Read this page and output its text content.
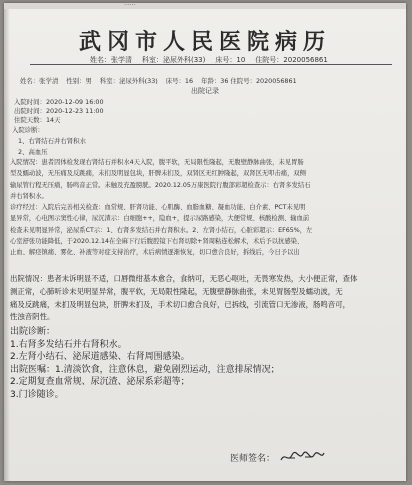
······
武冈市人民医院病历
姓名：张学清 科室：泌尿外科(33) 床号：10 住院号：2020056861
姓名：张学清 性别：男 科室：泌尿外科(33) 床号：16 年龄：36 住院号：2020056861
出院记录
入院时间：2020-12-09 16:00
出院时间：2020-12-23 11:00
住院天数：14天
入院诊断：
1、右肾结石并右肾积水
2、高血压

入院情况：患者因体检发现右肾结石并积水4天入院，腹平软，无局限性隆起，无腹壁静脉曲张，未见胃肠

型及蠕动波，无压痛及反跳痛，未扪及明显包块，肝脾未扪及，双肾区无红肿隆起，双肾区无叩击痛，双侧

输尿管行程无压痛，肠鸣音正常。未触及充盈膀胱。2020.12.05万康医院行腹部彩超检查示：右肾多发结石

并右肾积水。

诊疗经过：入院后完善相关检查：血常规、肝肾功能、心肌酶、血脂血糖、凝血功能、白介素、PCT未见明

显异常，心电图示窦性心律，尿沉渣示：白细胞++，隐血+，提示尿路感染，大便常规、核酸检测、输血前

检查未见明显异常，泌尿系CT示：1、右肾多发结石并右肾积水。2、左肾小结石，心脏彩超示：EF65%，左

心室舒张功能降低，于2020.12.14在全麻下行后腹腔镜下右肾切除+肾周粘连松解术，术后予以抗感染、

止血、解痉镇痛、雾化、补液等对症支持治疗，术后病情逐渐恢复，切口愈合良好，拆线后，今日予以出

出院情况：患者未诉明显不适，口唇微绀基本愈合，食纳可，无恶心呕吐，无畏寒发热，大小便正常，查体

测正常，心肺听诊未见明显异常，腹平软，无局限性隆起，无腹壁静脉曲张，未见胃肠型及蠕动波，无

痛及反跳痛，未扪及明显包块，肝脾未扪及，手术切口愈合良好，已拆线，引流管口无渗液，肠鸣音可，

性浊音阴性。

出院诊断：

1.右肾多发结石并右肾积水。

2.左肾小结石、泌尿道感染、右肾周围感染。

出院医嘱：1.清淡饮食，注意休息，避免剧烈运动，注意排尿情况；

2.定期复查血常规、尿沉渣、泌尿系彩超等；

3.门诊随诊。

医师签名：
